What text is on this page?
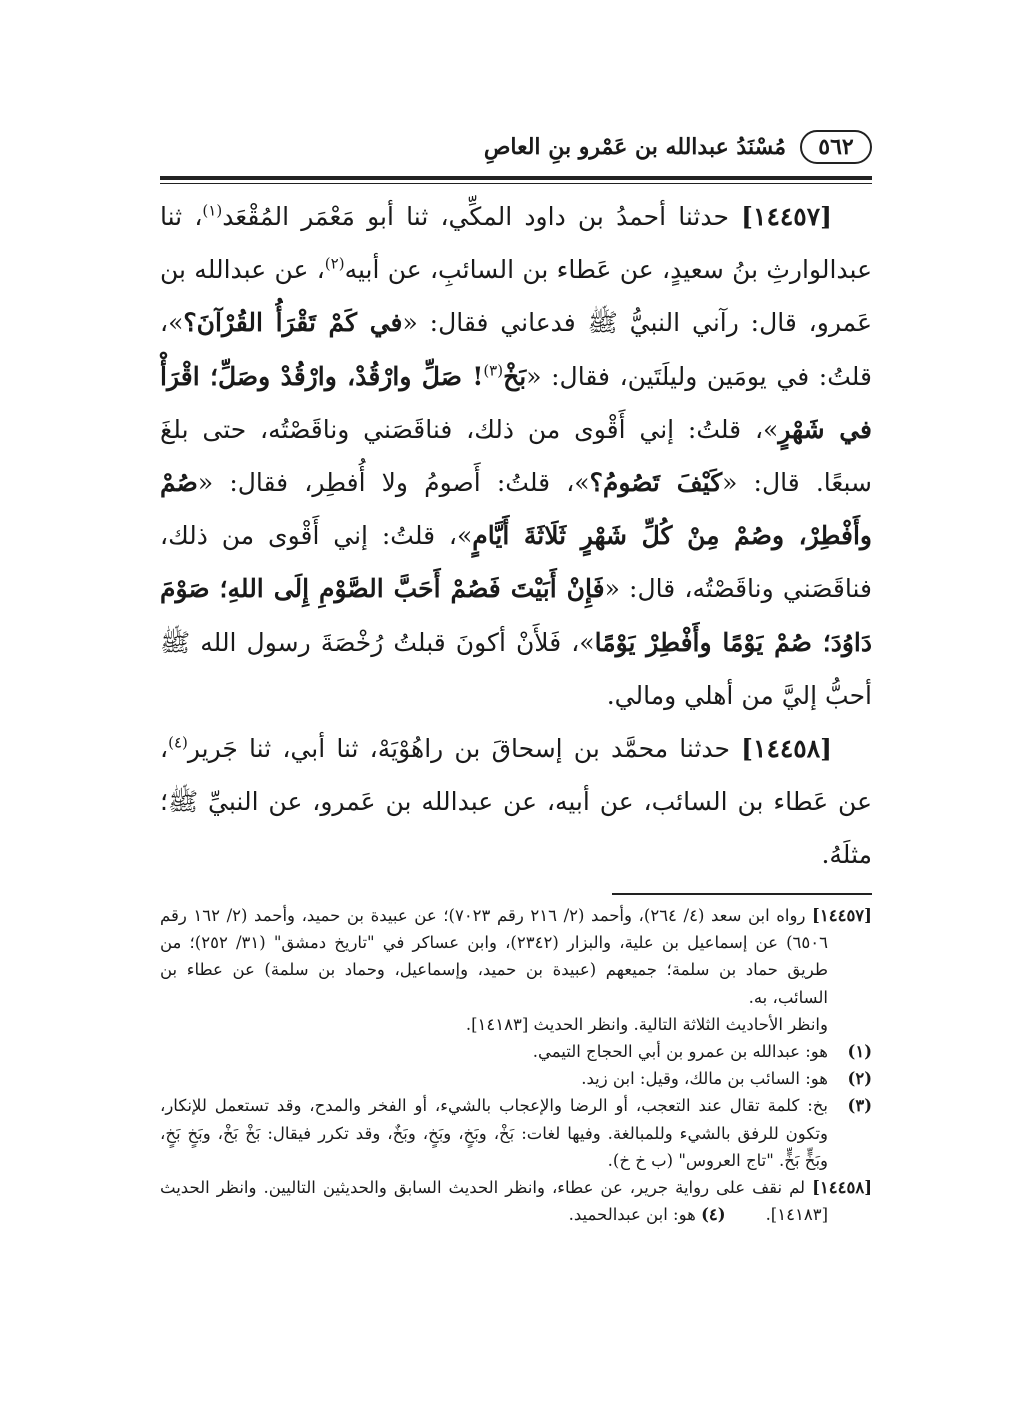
٥٦٢
مُسْنَدُ عبدالله بن عَمْرو بنِ العاصِ

[١٤٤٥٧] حدثنا أحمدُ بن داود المكِّي، ثنا أبو مَعْمَر المُقْعَد$^{(١)}$، ثنا عبدالوارثِ بنُ سعيدٍ، عن عَطاء بن السائبِ، عن أبيه$^{(٢)}$، عن عبدالله بن عَمرو، قال: رآني النبيُّ ﷺ فدعاني فقال: «في كَمْ تَقْرَأُ القُرْآنَ؟»، قلتُ: في يومَين وليلَتَين، فقال: «بَخْ$^{(٣)}$! صَلِّ وارْقُدْ، وارْقُدْ وصَلِّ؛ اقْرَأْ في شَهْرٍ»، قلتُ: إني أَقْوى من ذلك، فناقَصَني وناقَصْتُه، حتى بلغَ سبعًا. قال: «كَيْفَ تَصُومُ؟»، قلتُ: أَصومُ ولا أُفطِر، فقال: «صُمْ وأَفْطِرْ، وصُمْ مِنْ كُلِّ شَهْرٍ ثَلَاثَةَ أَيَّامٍ»، قلتُ: إني أَقْوى من ذلك، فناقَصَني وناقَصْتُه، قال: «فَإِنْ أَبَيْتَ فَصُمْ أَحَبَّ الصَّوْمِ إِلَى اللهِ؛ صَوْمَ دَاوُدَ؛ صُمْ يَوْمًا وأَفْطِرْ يَوْمًا»، فَلأَنْ أكونَ قبلتُ رُخْصَةَ رسول الله ﷺ أحبُّ إليَّ من أهلي ومالي.

[١٤٤٥٨] حدثنا محمَّد بن إسحاقَ بن راهُوْيَهْ، ثنا أبي، ثنا جَرير$^{(٤)}$، عن عَطاء بن السائب، عن أبيه، عن عبدالله بن عَمرو، عن النبيِّ ﷺ؛ مثلَهُ.

[١٤٤٥٧] رواه ابن سعد (٤/ ٢٦٤)، وأحمد (٢/ ٢١٦ رقم ٧٠٢٣)؛ عن عبيدة بن حميد، وأحمد (٢/ ١٦٢ رقم ٦٥٠٦) عن إسماعيل بن علية، والبزار (٢٣٤٢)، وابن عساكر في "تاريخ دمشق" (٣١/ ٢٥٢)؛ من طريق حماد بن سلمة؛ جميعهم (عبيدة بن حميد، وإسماعيل، وحماد بن سلمة) عن عطاء بن السائب، به.

وانظر الأحاديث الثلاثة التالية. وانظر الحديث [١٤١٨٣].

(١)هو: عبدالله بن عمرو بن أبي الحجاج التيمي.

(٢)هو: السائب بن مالك، وقيل: ابن زيد.

(٣)بخ: كلمة تقال عند التعجب، أو الرضا والإعجاب بالشيء، أو الفخر والمدح، وقد تستعمل للإنكار، وتكون للرفق بالشيء وللمبالغة. وفيها لغات: بَخْ، وبَخٍ، وبَخٍ، وبَخٌ، وقد تكرر فيقال: بَخْ بَخْ، وبَخٍ بَخٍ، وبَخٍّ بَخٍّ. "تاج العروس" (ب خ خ).

[١٤٤٥٨] لم نقف على رواية جرير، عن عطاء، وانظر الحديث السابق والحديثين التاليين. وانظر الحديث [١٤١٨٣].(٤) هو: ابن عبدالحميد.
